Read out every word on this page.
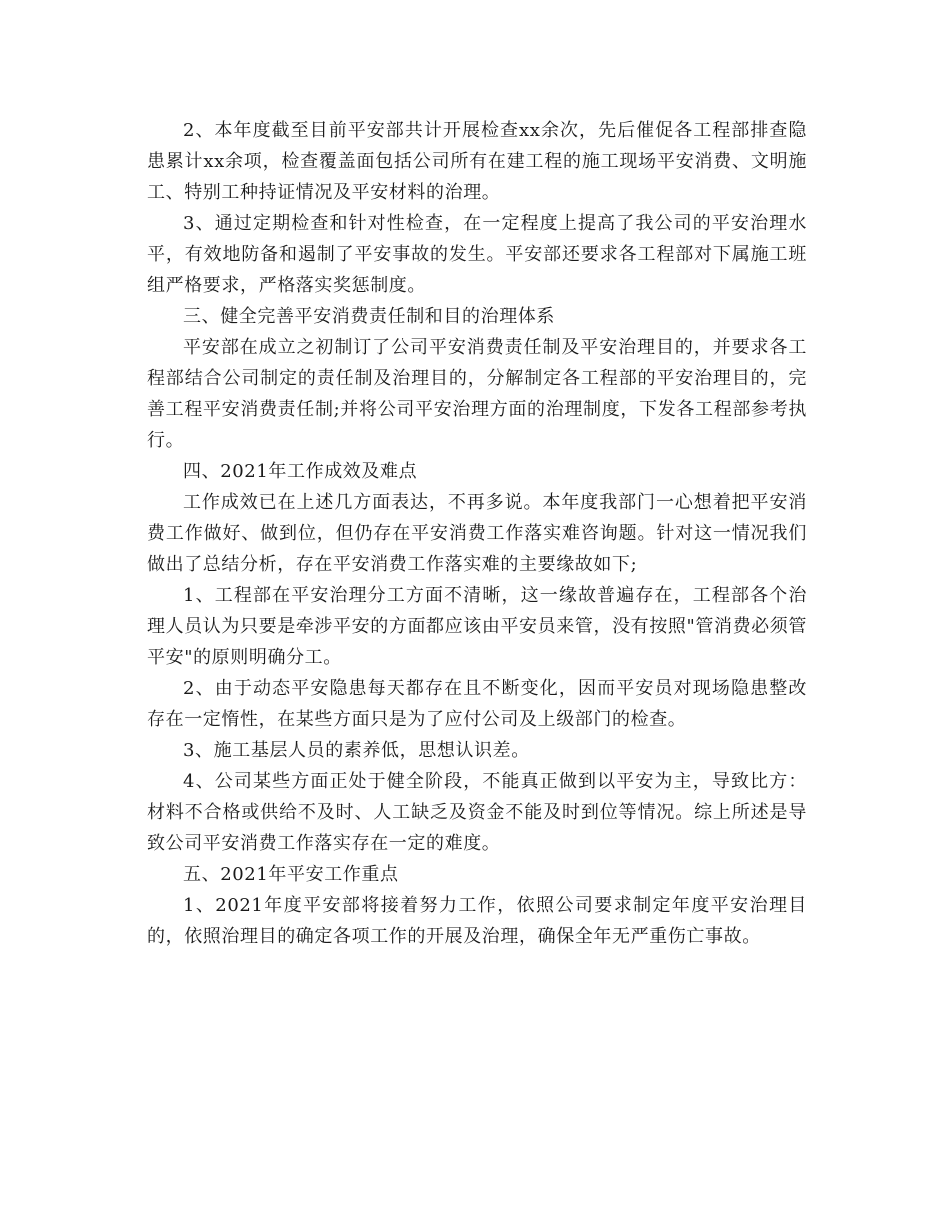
2、本年度截至目前平安部共计开展检查xx余次，先后催促各工程部排查隐患累计xx余项，检查覆盖面包括公司所有在建工程的施工现场平安消费、文明施工、特别工种持证情况及平安材料的治理。

3、通过定期检查和针对性检查，在一定程度上提高了我公司的平安治理水平，有效地防备和遏制了平安事故的发生。平安部还要求各工程部对下属施工班组严格要求，严格落实奖惩制度。

三、健全完善平安消费责任制和目的治理体系

平安部在成立之初制订了公司平安消费责任制及平安治理目的，并要求各工程部结合公司制定的责任制及治理目的，分解制定各工程部的平安治理目的，完善工程平安消费责任制;并将公司平安治理方面的治理制度，下发各工程部参考执行。

四、2021年工作成效及难点

工作成效已在上述几方面表达，不再多说。本年度我部门一心想着把平安消费工作做好、做到位，但仍存在平安消费工作落实难咨询题。针对这一情况我们做出了总结分析，存在平安消费工作落实难的主要缘故如下;

1、工程部在平安治理分工方面不清晰，这一缘故普遍存在，工程部各个治理人员认为只要是牵涉平安的方面都应该由平安员来管，没有按照"管消费必须管平安"的原则明确分工。

2、由于动态平安隐患每天都存在且不断变化，因而平安员对现场隐患整改存在一定惰性，在某些方面只是为了应付公司及上级部门的检查。

3、施工基层人员的素养低，思想认识差。

4、公司某些方面正处于健全阶段，不能真正做到以平安为主，导致比方：材料不合格或供给不及时、人工缺乏及资金不能及时到位等情况。综上所述是导致公司平安消费工作落实存在一定的难度。

五、2021年平安工作重点

1、2021年度平安部将接着努力工作，依照公司要求制定年度平安治理目的，依照治理目的确定各项工作的开展及治理，确保全年无严重伤亡事故。
